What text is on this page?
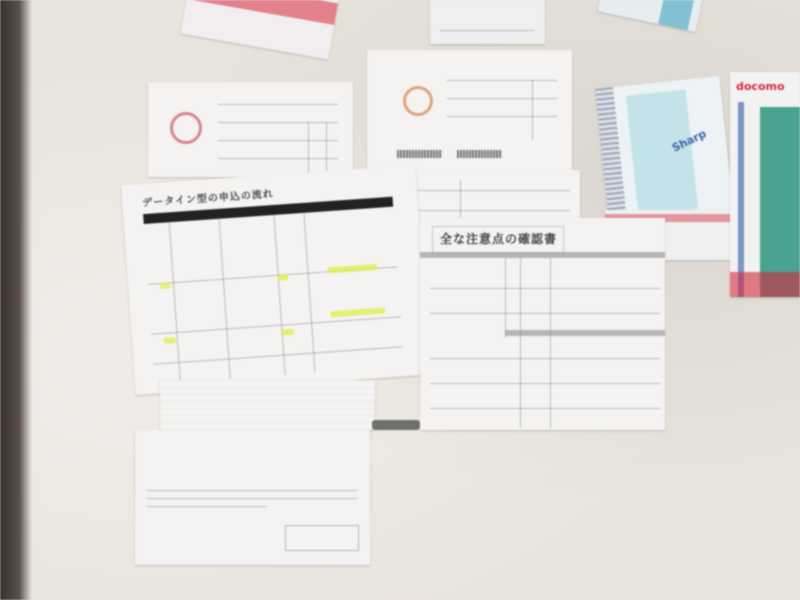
Sharp
docomo
データイン型の申込の流れ
全な注意点の確認書
